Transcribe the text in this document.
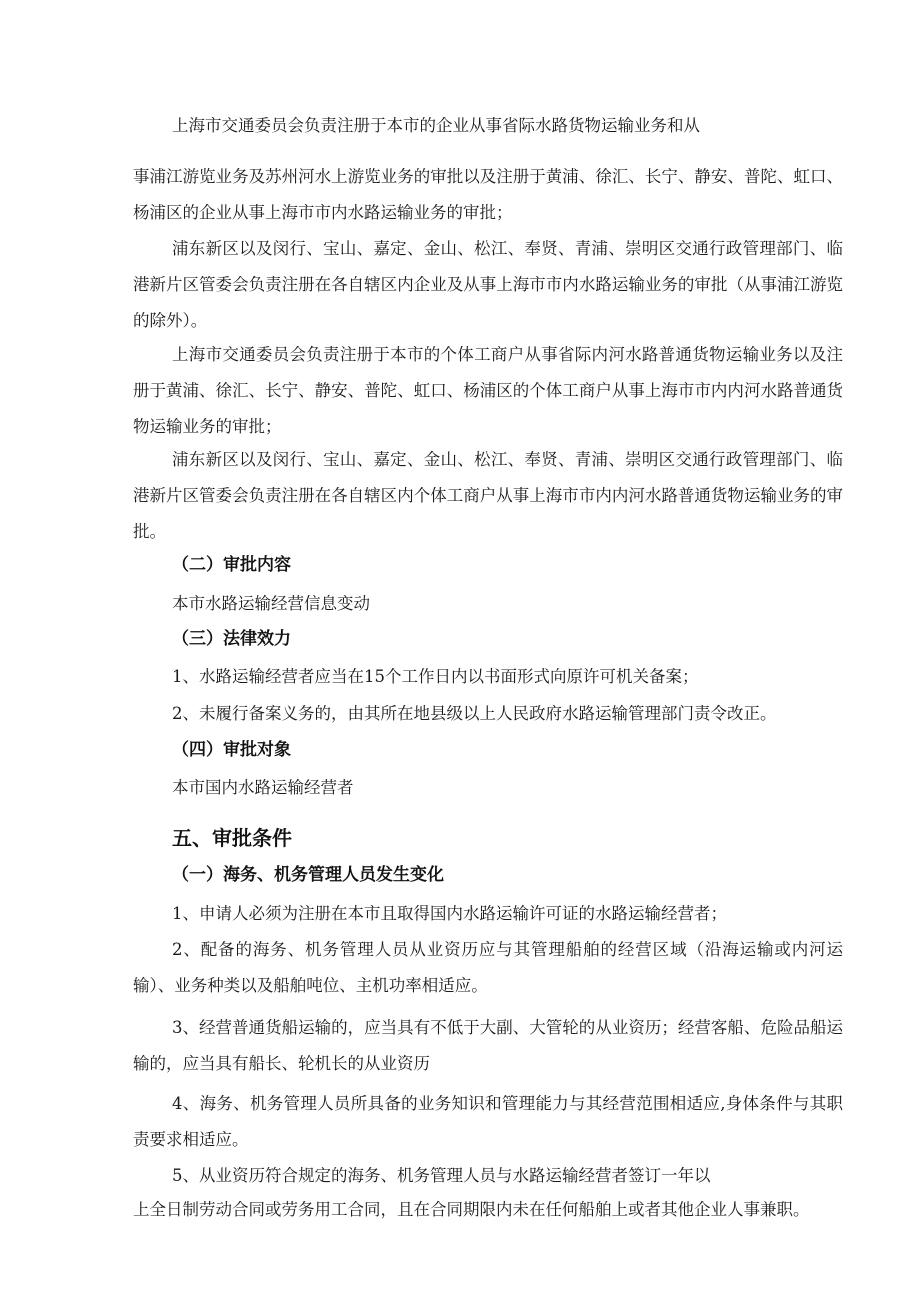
上海市交通委员会负责注册于本市的企业从事省际水路货物运输业务和从

事浦江游览业务及苏州河水上游览业务的审批以及注册于黄浦、徐汇、长宁、静安、普陀、虹口、杨浦区的企业从事上海市市内水路运输业务的审批；

浦东新区以及闵行、宝山、嘉定、金山、松江、奉贤、青浦、崇明区交通行政管理部门、临港新片区管委会负责注册在各自辖区内企业及从事上海市市内水路运输业务的审批（从事浦江游览的除外）。

上海市交通委员会负责注册于本市的个体工商户从事省际内河水路普通货物运输业务以及注册于黄浦、徐汇、长宁、静安、普陀、虹口、杨浦区的个体工商户从事上海市市内内河水路普通货物运输业务的审批；

浦东新区以及闵行、宝山、嘉定、金山、松江、奉贤、青浦、崇明区交通行政管理部门、临港新片区管委会负责注册在各自辖区内个体工商户从事上海市市内内河水路普通货物运输业务的审批。

（二）审批内容

本市水路运输经营信息变动

（三）法律效力

1、水路运输经营者应当在15个工作日内以书面形式向原许可机关备案；

2、未履行备案义务的，由其所在地县级以上人民政府水路运输管理部门责令改正。

（四）审批对象

本市国内水路运输经营者

五、审批条件
（一）海务、机务管理人员发生变化

1、申请人必须为注册在本市且取得国内水路运输许可证的水路运输经营者；

2、配备的海务、机务管理人员从业资历应与其管理船舶的经营区域（沿海运输或内河运输）、业务种类以及船舶吨位、主机功率相适应。

3、经营普通货船运输的，应当具有不低于大副、大管轮的从业资历；经营客船、危险品船运输的，应当具有船长、轮机长的从业资历

4、海务、机务管理人员所具备的业务知识和管理能力与其经营范围相适应,身体条件与其职责要求相适应。

5、从业资历符合规定的海务、机务管理人员与水路运输经营者签订一年以

上全日制劳动合同或劳务用工合同，且在合同期限内未在任何船舶上或者其他企业人事兼职。
